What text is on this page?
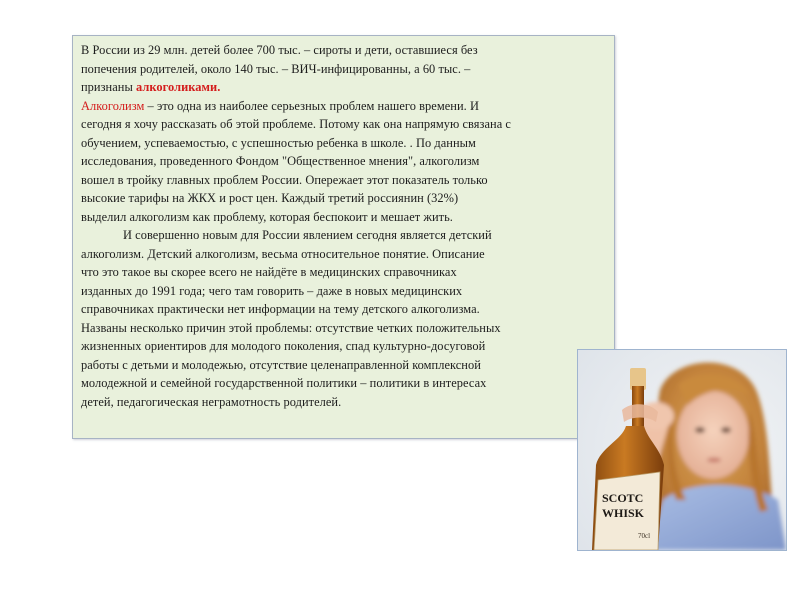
В России из 29 млн. детей более 700 тыс. – сироты и дети, оставшиеся без

попечения родителей, около 140 тыс. – ВИЧ-инфицированны, а 60 тыс. –

признаны алкоголиками.

Алкоголизм – это одна из наиболее серьезных проблем нашего времени. И

сегодня я хочу рассказать об этой проблеме. Потому как она напрямую связана с

обучением, успеваемостью, с успешностью ребенка в школе. . По данным

исследования, проведенного Фондом "Общественное мнения", алкоголизм

вошел в тройку главных проблем России. Опережает этот показатель только

высокие тарифы на ЖКХ и рост цен. Каждый третий россиянин (32%)

выделил алкоголизм как проблему, которая беспокоит и мешает жить.

И совершенно новым для России явлением сегодня является детский

алкоголизм. Детский алкоголизм, весьма относительное понятие. Описание

что это такое вы скорее всего не найдёте в медицинских справочниках

изданных до 1991 года; чего там говорить – даже в новых медицинских

справочниках практически нет информации на тему детского алкоголизма.

Названы несколько причин этой проблемы: отсутствие четких положительных

жизненных ориентиров для молодого поколения, спад культурно-досуговой

работы с детьми и молодежью, отсутствие целенаправленной комплексной

молодежной и семейной государственной политики – политики в интересах

детей, педагогическая неграмотность родителей.

SCOTC
WHISK
70cl
